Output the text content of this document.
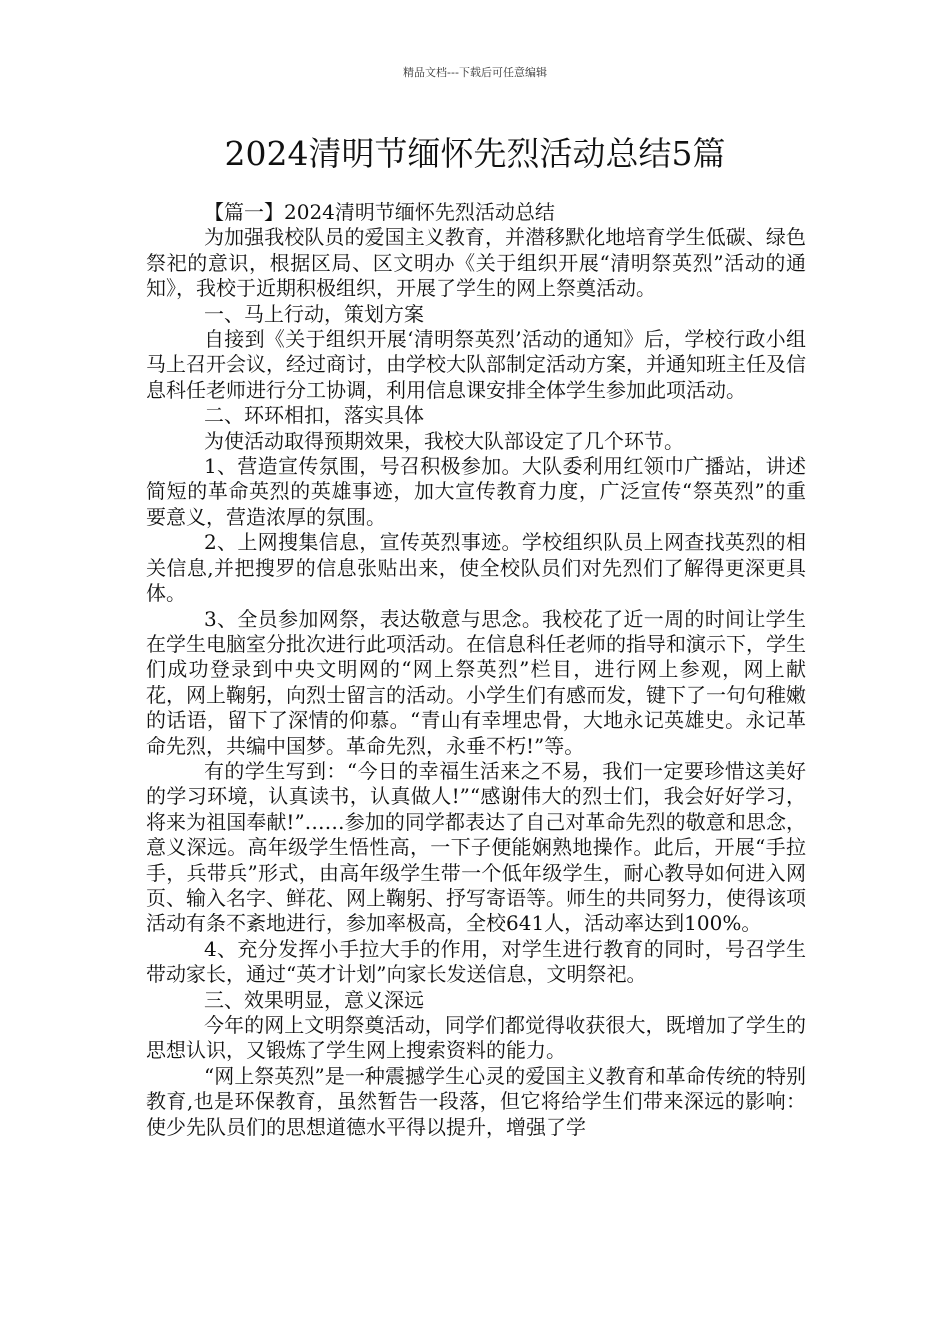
精品文档---下载后可任意编辑
2024清明节缅怀先烈活动总结5篇

【篇一】2024清明节缅怀先烈活动总结

为加强我校队员的爱国主义教育，并潜移默化地培育学生低碳、绿色祭祀的意识，根据区局、区文明办《关于组织开展“清明祭英烈”活动的通知》，我校于近期积极组织，开展了学生的网上祭奠活动。

一、马上行动，策划方案

自接到《关于组织开展‘清明祭英烈’活动的通知》后，学校行政小组马上召开会议，经过商讨，由学校大队部制定活动方案，并通知班主任及信息科任老师进行分工协调，利用信息课安排全体学生参加此项活动。

二、环环相扣，落实具体

为使活动取得预期效果，我校大队部设定了几个环节。

1、营造宣传氛围，号召积极参加。大队委利用红领巾广播站，讲述简短的革命英烈的英雄事迹，加大宣传教育力度，广泛宣传“祭英烈”的重要意义，营造浓厚的氛围。

2、上网搜集信息，宣传英烈事迹。学校组织队员上网查找英烈的相关信息,并把搜罗的信息张贴出来，使全校队员们对先烈们了解得更深更具体。

3、全员参加网祭，表达敬意与思念。我校花了近一周的时间让学生在学生电脑室分批次进行此项活动。在信息科任老师的指导和演示下，学生们成功登录到中央文明网的“网上祭英烈”栏目，进行网上参观，网上献花，网上鞠躬，向烈士留言的活动。小学生们有感而发，键下了一句句稚嫩的话语，留下了深情的仰慕。“青山有幸埋忠骨，大地永记英雄史。永记革命先烈，共编中国梦。革命先烈，永垂不朽!”等。

有的学生写到：“今日的幸福生活来之不易，我们一定要珍惜这美好的学习环境，认真读书，认真做人!”“感谢伟大的烈士们，我会好好学习，将来为祖国奉献!”……参加的同学都表达了自己对革命先烈的敬意和思念，意义深远。高年级学生悟性高，一下子便能娴熟地操作。此后，开展“手拉手，兵带兵”形式，由高年级学生带一个低年级学生，耐心教导如何进入网页、输入名字、鲜花、网上鞠躬、抒写寄语等。师生的共同努力，使得该项活动有条不紊地进行，参加率极高，全校641人，活动率达到100%。

4、充分发挥小手拉大手的作用，对学生进行教育的同时，号召学生带动家长，通过“英才计划”向家长发送信息，文明祭祀。

三、效果明显，意义深远

今年的网上文明祭奠活动，同学们都觉得收获很大，既增加了学生的思想认识，又锻炼了学生网上搜索资料的能力。

“网上祭英烈”是一种震撼学生心灵的爱国主义教育和革命传统的特别教育,也是环保教育，虽然暂告一段落，但它将给学生们带来深远的影响：使少先队员们的思想道德水平得以提升，增强了学
